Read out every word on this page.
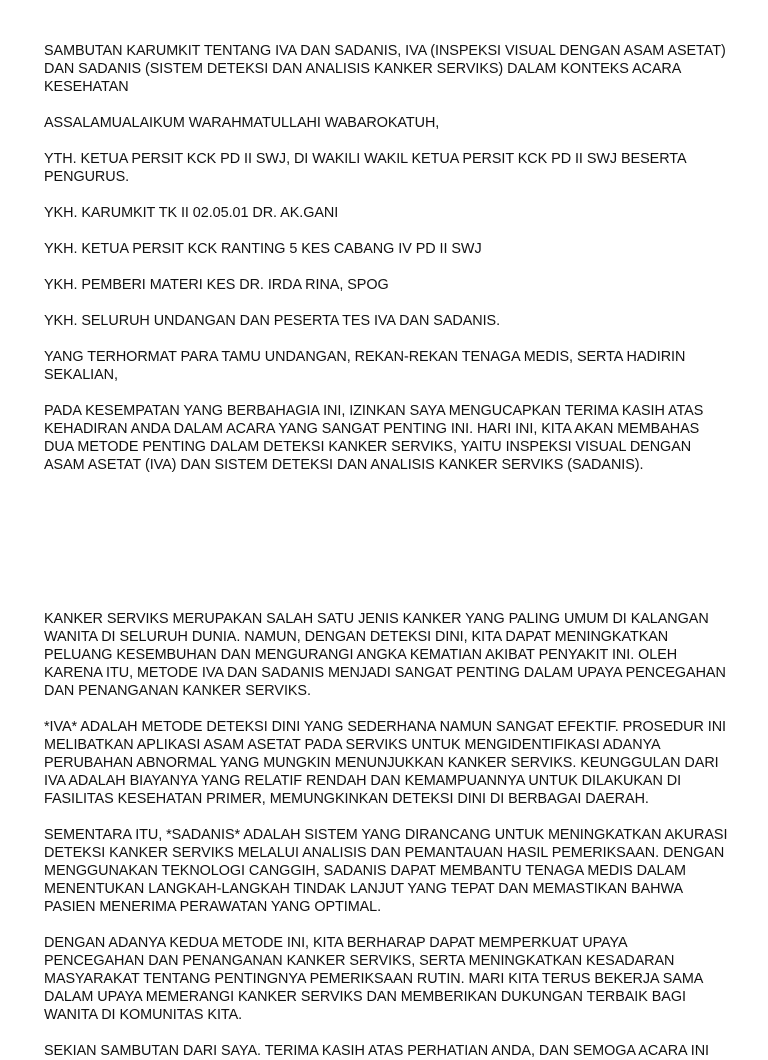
SAMBUTAN KARUMKIT TENTANG IVA DAN SADANIS, IVA (INSPEKSI VISUAL DENGAN ASAM ASETAT) DAN SADANIS (SISTEM DETEKSI DAN ANALISIS KANKER SERVIKS) DALAM KONTEKS ACARA KESEHATAN

ASSALAMUALAIKUM WARAHMATULLAHI WABAROKATUH,

YTH. KETUA PERSIT KCK PD II SWJ, DI WAKILI WAKIL KETUA PERSIT KCK PD II SWJ BESERTA PENGURUS.

YKH. KARUMKIT TK II 02.05.01 DR. AK.GANI

YKH. KETUA PERSIT KCK RANTING 5 KES CABANG IV PD II SWJ

YKH. PEMBERI MATERI KES DR. IRDA RINA, SPOG

YKH. SELURUH UNDANGAN DAN PESERTA TES IVA DAN SADANIS.

YANG TERHORMAT PARA TAMU UNDANGAN, REKAN-REKAN TENAGA MEDIS, SERTA HADIRIN SEKALIAN,

PADA KESEMPATAN YANG BERBAHAGIA INI, IZINKAN SAYA MENGUCAPKAN TERIMA KASIH ATAS KEHADIRAN ANDA DALAM ACARA YANG SANGAT PENTING INI. HARI INI, KITA AKAN MEMBAHAS DUA METODE PENTING DALAM DETEKSI KANKER SERVIKS, YAITU INSPEKSI VISUAL DENGAN ASAM ASETAT (IVA) DAN SISTEM DETEKSI DAN ANALISIS KANKER SERVIKS (SADANIS).

KANKER SERVIKS MERUPAKAN SALAH SATU JENIS KANKER YANG PALING UMUM DI KALANGAN WANITA DI SELURUH DUNIA. NAMUN, DENGAN DETEKSI DINI, KITA DAPAT MENINGKATKAN PELUANG KESEMBUHAN DAN MENGURANGI ANGKA KEMATIAN AKIBAT PENYAKIT INI. OLEH KARENA ITU, METODE IVA DAN SADANIS MENJADI SANGAT PENTING DALAM UPAYA PENCEGAHAN DAN PENANGANAN KANKER SERVIKS.

*IVA* ADALAH METODE DETEKSI DINI YANG SEDERHANA NAMUN SANGAT EFEKTIF. PROSEDUR INI MELIBATKAN APLIKASI ASAM ASETAT PADA SERVIKS UNTUK MENGIDENTIFIKASI ADANYA PERUBAHAN ABNORMAL YANG MUNGKIN MENUNJUKKAN KANKER SERVIKS. KEUNGGULAN DARI IVA ADALAH BIAYANYA YANG RELATIF RENDAH DAN KEMAMPUANNYA UNTUK DILAKUKAN DI FASILITAS KESEHATAN PRIMER, MEMUNGKINKAN DETEKSI DINI DI BERBAGAI DAERAH.

SEMENTARA ITU, *SADANIS* ADALAH SISTEM YANG DIRANCANG UNTUK MENINGKATKAN AKURASI DETEKSI KANKER SERVIKS MELALUI ANALISIS DAN PEMANTAUAN HASIL PEMERIKSAAN. DENGAN MENGGUNAKAN TEKNOLOGI CANGGIH, SADANIS DAPAT MEMBANTU TENAGA MEDIS DALAM MENENTUKAN LANGKAH-LANGKAH TINDAK LANJUT YANG TEPAT DAN MEMASTIKAN BAHWA PASIEN MENERIMA PERAWATAN YANG OPTIMAL.

DENGAN ADANYA KEDUA METODE INI, KITA BERHARAP DAPAT MEMPERKUAT UPAYA PENCEGAHAN DAN PENANGANAN KANKER SERVIKS, SERTA MENINGKATKAN KESADARAN MASYARAKAT TENTANG PENTINGNYA PEMERIKSAAN RUTIN. MARI KITA TERUS BEKERJA SAMA DALAM UPAYA MEMERANGI KANKER SERVIKS DAN MEMBERIKAN DUKUNGAN TERBAIK BAGI WANITA DI KOMUNITAS KITA.

SEKIAN SAMBUTAN DARI SAYA. TERIMA KASIH ATAS PERHATIAN ANDA, DAN SEMOGA ACARA INI
